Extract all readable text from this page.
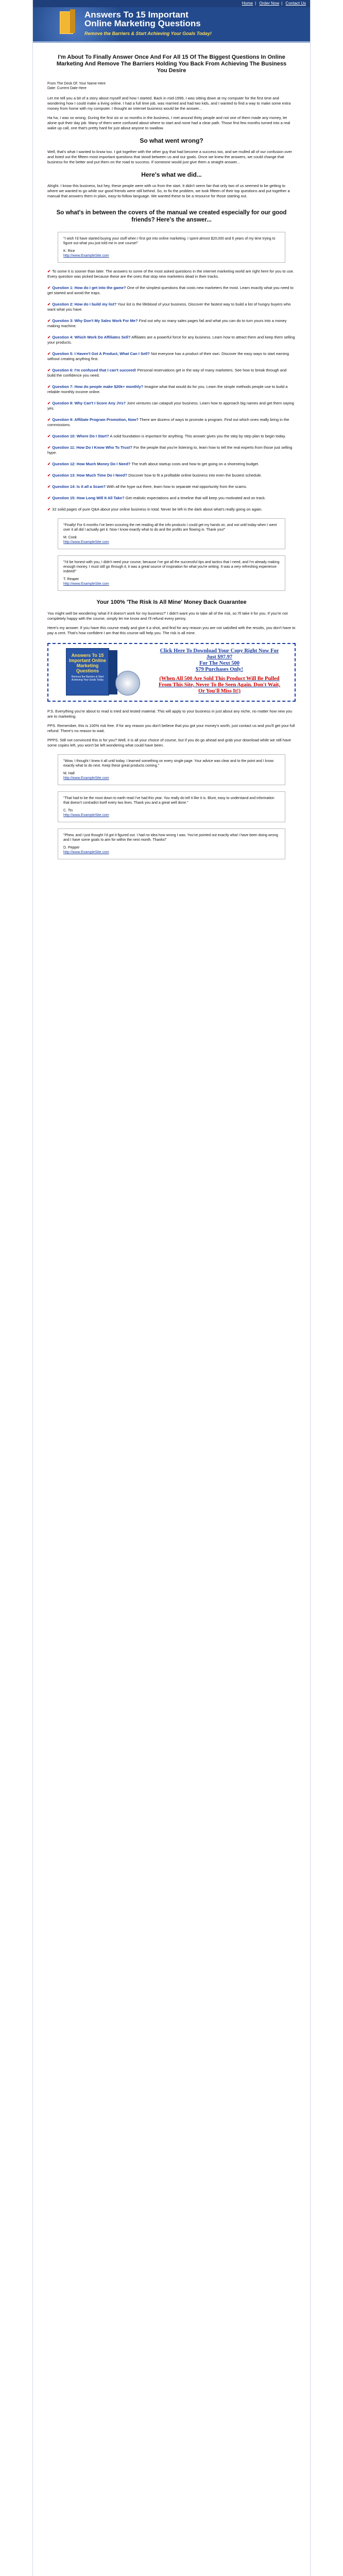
Home | Order Now | Contact Us
Answers To 15 Important
Online Marketing Questions
Remove the Barriers & Start Achieving Your Goals Today!
I'm About To Finally Answer Once And For All 15 Of The Biggest Questions In Online Marketing And Remove The Barriers Holding You Back From Achieving The Business You Desire
From The Desk Of: Your Name Here
Date: Current Date Here

Let me tell you a bit of a story about myself and how I started. Back in mid-1999, I was sitting down at my computer for the first time and wondering how I could make a living online. I had a full time job, was married and had two kids, and I wanted to find a way to make some extra money from home with my computer. I thought an internet business would be the answer...

Ha ha, I was so wrong. During the first six or so months in the business, I met around thirty people and not one of them made any money, let alone quit their day job. Many of them were confused about where to start and none had a clear path. Those first few months turned into a real wake up call, one that's pretty hard for just about anyone to swallow.

So what went wrong?

Well, that's what I wanted to know too. I got together with the other guy that had become a success too, and we mulled all of our confusion over and listed out the fifteen most important questions that stood between us and our goals. Once we knew the answers, we could change that business for the better and put them on the road to success. If someone would just give them a straight answer...

Here's what we did...

Alright. I know this business, but hey, these people were with us from the start. It didn't seem fair that only two of us seemed to be getting to where we wanted to go while our good friends were still behind. So, to fix the problem, we took fifteen of their top questions and put together a manual that answers them in plain, easy-to-follow language. We wanted these to be a resource for those starting out.

So what's in between the covers of the manual we created especially for our good friends? Here's the answer...
"I wish I'd have started buying your stuff when I first got into online marketing. I spent almost $20,000 and 6 years of my time trying to figure out what you just told me in one course!"
K. Rice
http://www.ExampleSite.com

✔ To some it is sooner than later. The answers to some of the most asked questions in the internet marketing world are right here for you to use. Every question was picked because these are the ones that stop new marketers dead in their tracks.

✔ Question 1: How do I get into the game? One of the simplest questions that costs new marketers the most. Learn exactly what you need to get started and avoid the traps.

✔ Question 2: How do I build my list? Your list is the lifeblood of your business. Discover the fastest way to build a list of hungry buyers who want what you have.

✔ Question 3: Why Don't My Sales Work For Me? Find out why so many sales pages fail and what you can do to turn yours into a money making machine.

✔ Question 4: Which Work Do Affiliates Sell? Affiliates are a powerful force for any business. Learn how to attract them and keep them selling your products.

✔ Question 5: I Haven't Got A Product, What Can I Sell? Not everyone has a product of their own. Discover the easy ways to start earning without creating anything first.

✔ Question 6: I'm confused that I can't succeed! Personal reservations get in the way of many marketers. See how to break through and build the confidence you need.

✔ Question 7: How do people make $20k+ monthly? Imagine what that would do for you. Learn the simple methods people use to build a reliable monthly income online.

✔ Question 8: Why Can't I Score Any JVs? Joint ventures can catapult your business. Learn how to approach big names and get them saying yes.

✔ Question 9: Affiliate Program Promotion, Now? There are dozens of ways to promote a program. Find out which ones really bring in the commissions.

✔ Question 10: Where Do I Start? A solid foundation is important for anything. This answer gives you the step by step plan to begin today.

✔ Question 11: How Do I Know Who To Trust? For the people that you're listening to, learn how to tell the real experts from those just selling hype.

✔ Question 12: How Much Money Do I Need? The truth about startup costs and how to get going on a shoestring budget.

✔ Question 13: How Much Time Do I Need? Discover how to fit a profitable online business into even the busiest schedule.

✔ Question 14: Is it all a Scam? With all the hype out there, learn how to separate real opportunity from the scams.

✔ Question 15: How Long Will It All Take? Get realistic expectations and a timeline that will keep you motivated and on track.

✔ 32 solid pages of pure Q&A about your online business in total. Never be left in the dark about what's really going on again.

"Finally! For 6 months I've been scouring the net reading all the info products I could get my hands on, and not until today when I went over it all did I actually get it. Now I know exactly what to do and the profits are flowing in. Thank you!"
M. Cook
http://www.ExampleSite.com
"I'd be honest with you, I didn't need your course, because I've got all the successful tips and tactics that I need, and I'm already making enough money. I must still go through it, it was a great source of inspiration for what you're writing. It was a very refreshing experience indeed!"
T. Reaper
http://www.ExampleSite.com
Your 100% 'The Risk Is All Mine' Money Back Guarantee

You might well be wondering 'what if it doesn't work for my business?' I didn't want you to take all of the risk, so I'll take it for you. If you're not completely happy with the course, simply let me know and I'll refund every penny.

Here's my answer. If you have this course ready and give it a shot, and find for any reason you are not satisfied with the results, you don't have to pay a cent. That's how confident I am that this course will help you. The risk is all mine.

Answers To 15 Important Online Marketing Questions
Remove the Barriers & Start Achieving Your Goals Today
Click Here To Download Your Copy Right Now For Just $97.97
For The Next 500
$79 Purchases Only!
(When All 500 Are Sold This Product Will Be Pulled From This Site, Never To Be Seen Again. Don't Wait, Or You'll Miss It!)

P.S. Everything you're about to read is tried and tested material. This will apply to your business in just about any niche, no matter how new you are to marketing.

PPS. Remember, this is 100% risk free. If for any reason you don't believe that you got your money's worth, just contact us and you'll get your full refund. There's no reason to wait.

PPPS. Still not convinced this is for you? Well, it is all your choice of course, but if you do go ahead and grab your download while we still have some copies left, you won't be left wondering what could have been.

"Wow, I thought I knew it all until today. I learned something on every single page. Your advice was clear and to the point and I know exactly what to do next. Keep these great products coming."
M. Hall
http://www.ExampleSite.com
"That had to be the most down to earth read I've had this year. You really do tell it like it is. Blunt, easy to understand and information that doesn't contradict itself every two lines. Thank you and a great well done."
C. Tin
http://www.ExampleSite.com
"Phew, and I just thought I'd got it figured out. I had no idea how wrong I was. You've pointed out exactly what I have been doing wrong and I have some goals to aim for within the next month. Thanks!"
D. Pepper
http://www.ExampleSite.com
